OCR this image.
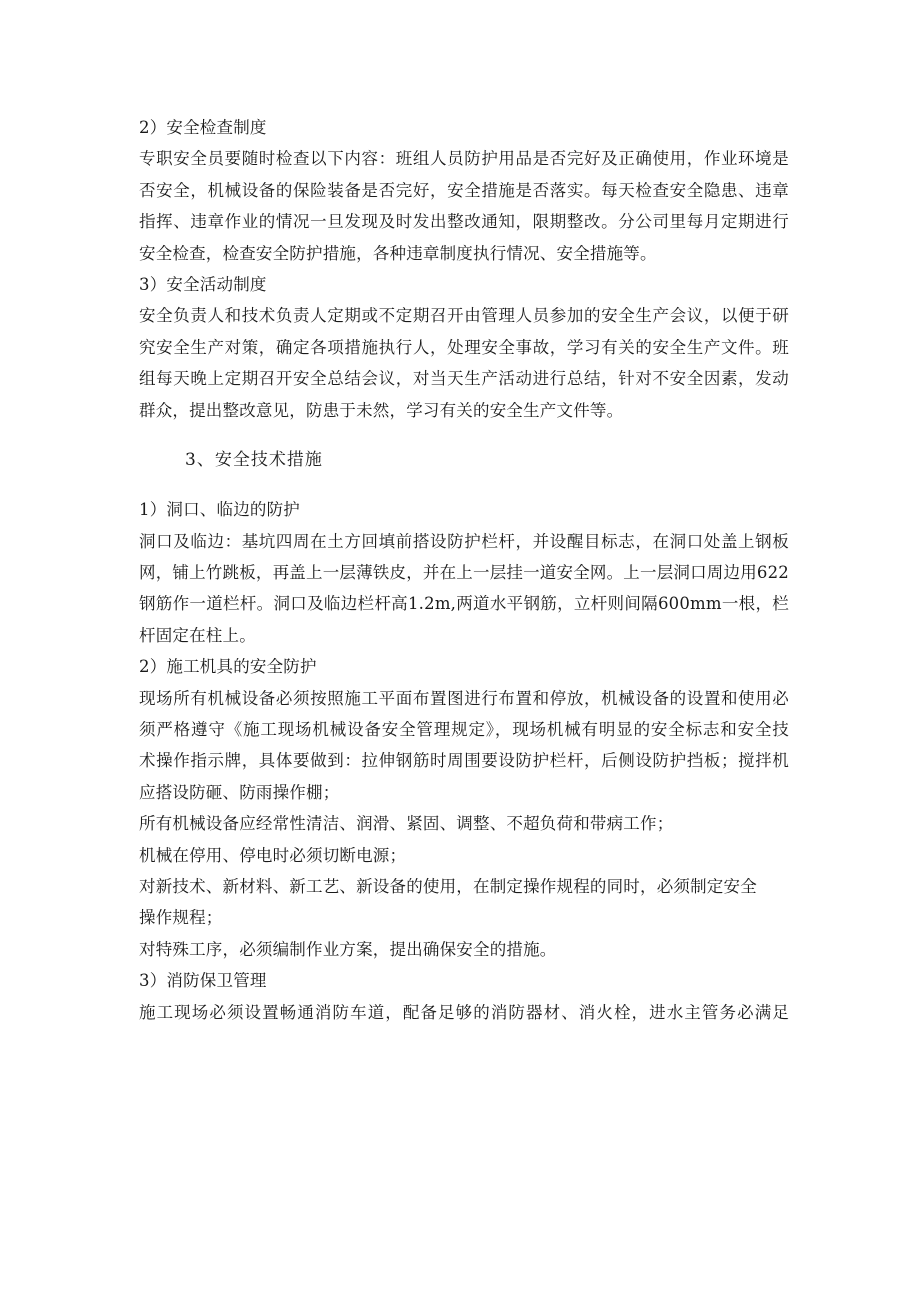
2）安全检查制度
专职安全员要随时检查以下内容：班组人员防护用品是否完好及正确使用，作业环境是
否安全，机械设备的保险装备是否完好，安全措施是否落实。每天检查安全隐患、违章
指挥、违章作业的情况一旦发现及时发出整改通知，限期整改。分公司里每月定期进行
安全检查，检查安全防护措施，各种违章制度执行情况、安全措施等。
3）安全活动制度
安全负责人和技术负责人定期或不定期召开由管理人员参加的安全生产会议，以便于研
究安全生产对策，确定各项措施执行人，处理安全事故，学习有关的安全生产文件。班
组每天晚上定期召开安全总结会议，对当天生产活动进行总结，针对不安全因素，发动
群众，提出整改意见，防患于未然，学习有关的安全生产文件等。
3、安全技术措施
1）洞口、临边的防护
洞口及临边：基坑四周在土方回填前搭设防护栏杆，并设醒目标志，在洞口处盖上钢板
网，铺上竹跳板，再盖上一层薄铁皮，并在上一层挂一道安全网。上一层洞口周边用622
钢筋作一道栏杆。洞口及临边栏杆高1.2m,两道水平钢筋，立杆则间隔600mm一根，栏
杆固定在柱上。
2）施工机具的安全防护
现场所有机械设备必须按照施工平面布置图进行布置和停放，机械设备的设置和使用必
须严格遵守《施工现场机械设备安全管理规定》，现场机械有明显的安全标志和安全技
术操作指示牌，具体要做到：拉伸钢筋时周围要设防护栏杆，后侧设防护挡板；搅拌机
应搭设防砸、防雨操作棚；
所有机械设备应经常性清洁、润滑、紧固、调整、不超负荷和带病工作；
机械在停用、停电时必须切断电源；
对新技术、新材料、新工艺、新设备的使用，在制定操作规程的同时，必须制定安全
操作规程；
对特殊工序，必须编制作业方案，提出确保安全的措施。
3）消防保卫管理
施工现场必须设置畅通消防车道，配备足够的消防器材、消火栓，进水主管务必满足
